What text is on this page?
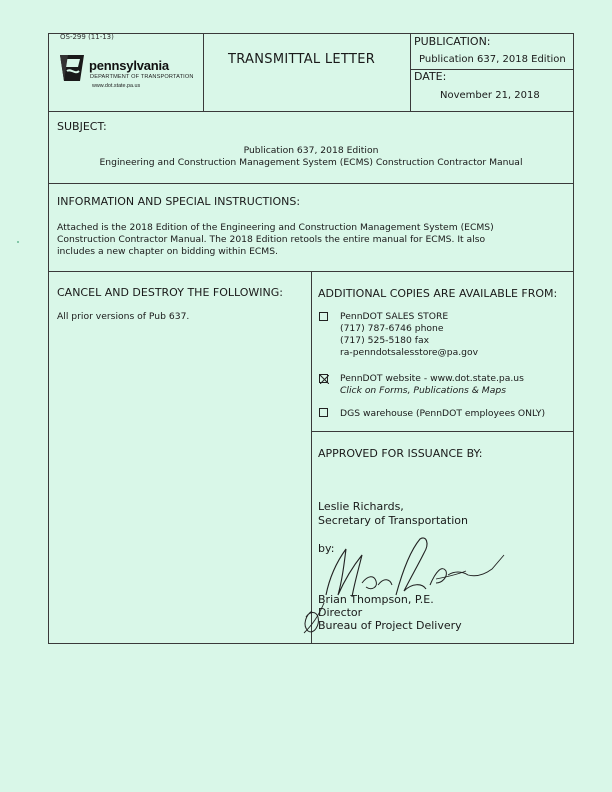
OS-299 (11-13)
pennsylvania
DEPARTMENT OF TRANSPORTATION
www.dot.state.pa.us
TRANSMITTAL LETTER
PUBLICATION:
Publication 637, 2018 Edition
DATE:
November 21, 2018
SUBJECT:
Publication 637, 2018 Edition
Engineering and Construction Management System (ECMS) Construction Contractor Manual
INFORMATION AND SPECIAL INSTRUCTIONS:
Attached is the 2018 Edition of the Engineering and Construction Management System (ECMS)
Construction Contractor Manual. The 2018 Edition retools the entire manual for ECMS. It also
includes a new chapter on bidding within ECMS.
CANCEL AND DESTROY THE FOLLOWING:
All prior versions of Pub 637.
ADDITIONAL COPIES ARE AVAILABLE FROM:
PennDOT SALES STORE
(717) 787-6746 phone
(717) 525-5180 fax
ra-penndotsalesstore@pa.gov
PennDOT website - www.dot.state.pa.us
Click on Forms, Publications & Maps
DGS warehouse (PennDOT employees ONLY)
APPROVED FOR ISSUANCE BY:
Leslie Richards,
Secretary of Transportation
by:
Brian Thompson, P.E.
Director
Bureau of Project Delivery
